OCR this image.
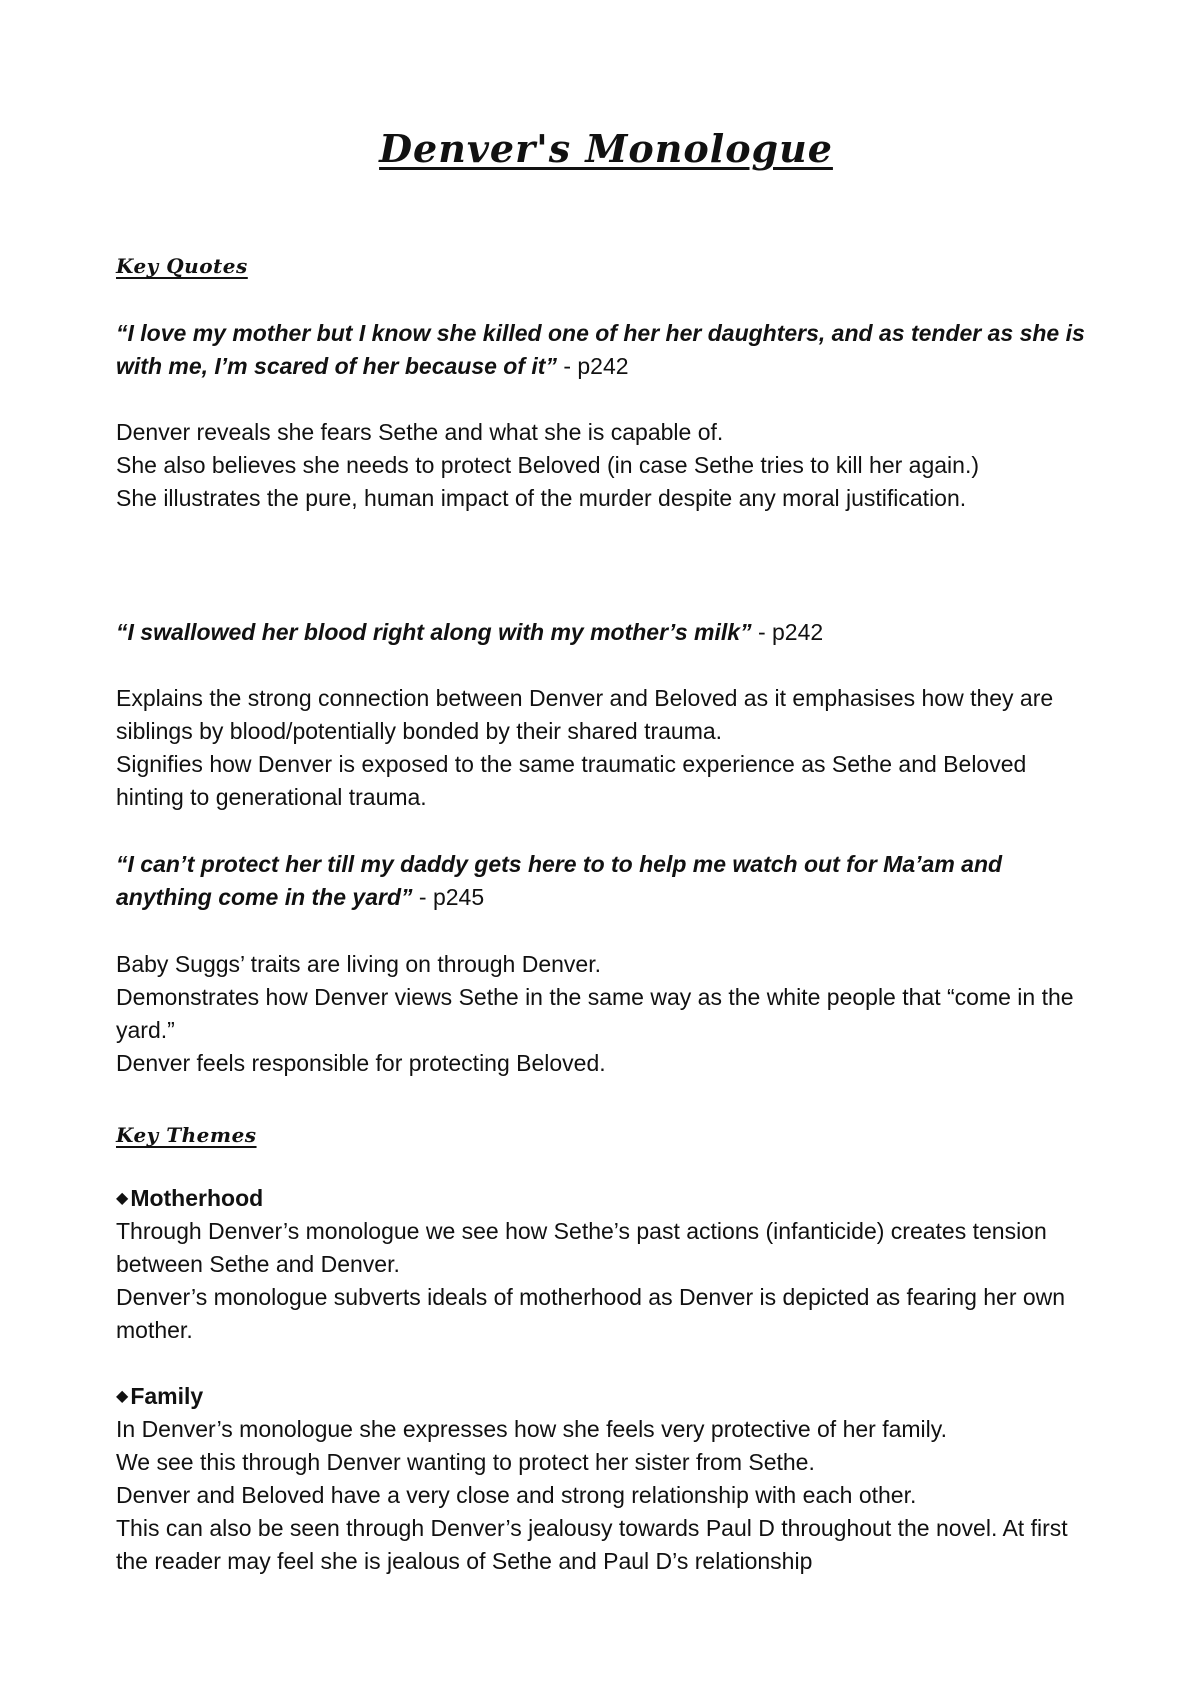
Denver's Monologue
Key Quotes

“I love my mother but I know she killed one of her her daughters, and as tender as she is with me, I’m scared of her because of it” - p242

Denver reveals she fears Sethe and what she is capable of.
She also believes she needs to protect Beloved (in case Sethe tries to kill her again.)
She illustrates the pure, human impact of the murder despite any moral justification.

“I swallowed her blood right along with my mother’s milk” - p242

Explains the strong connection between Denver and Beloved as it emphasises how they are siblings by blood/potentially bonded by their shared trauma.
Signifies how Denver is exposed to the same traumatic experience as Sethe and Beloved hinting to generational trauma.

“I can’t protect her till my daddy gets here to to help me watch out for Ma’am and anything come in the yard” - p245

Baby Suggs’ traits are living on through Denver.
Demonstrates how Denver views Sethe in the same way as the white people that “come in the yard.”
Denver feels responsible for protecting Beloved.
Key Themes
◆Motherhood
Through Denver’s monologue we see how Sethe’s past actions (infanticide) creates tension between Sethe and Denver.
Denver’s monologue subverts ideals of motherhood as Denver is depicted as fearing her own mother.
◆Family
In Denver’s monologue she expresses how she feels very protective of her family.
We see this through Denver wanting to protect her sister from Sethe.
Denver and Beloved have a very close and strong relationship with each other.
This can also be seen through Denver’s jealousy towards Paul D throughout the novel. At first the reader may feel she is jealous of Sethe and Paul D’s relationship
